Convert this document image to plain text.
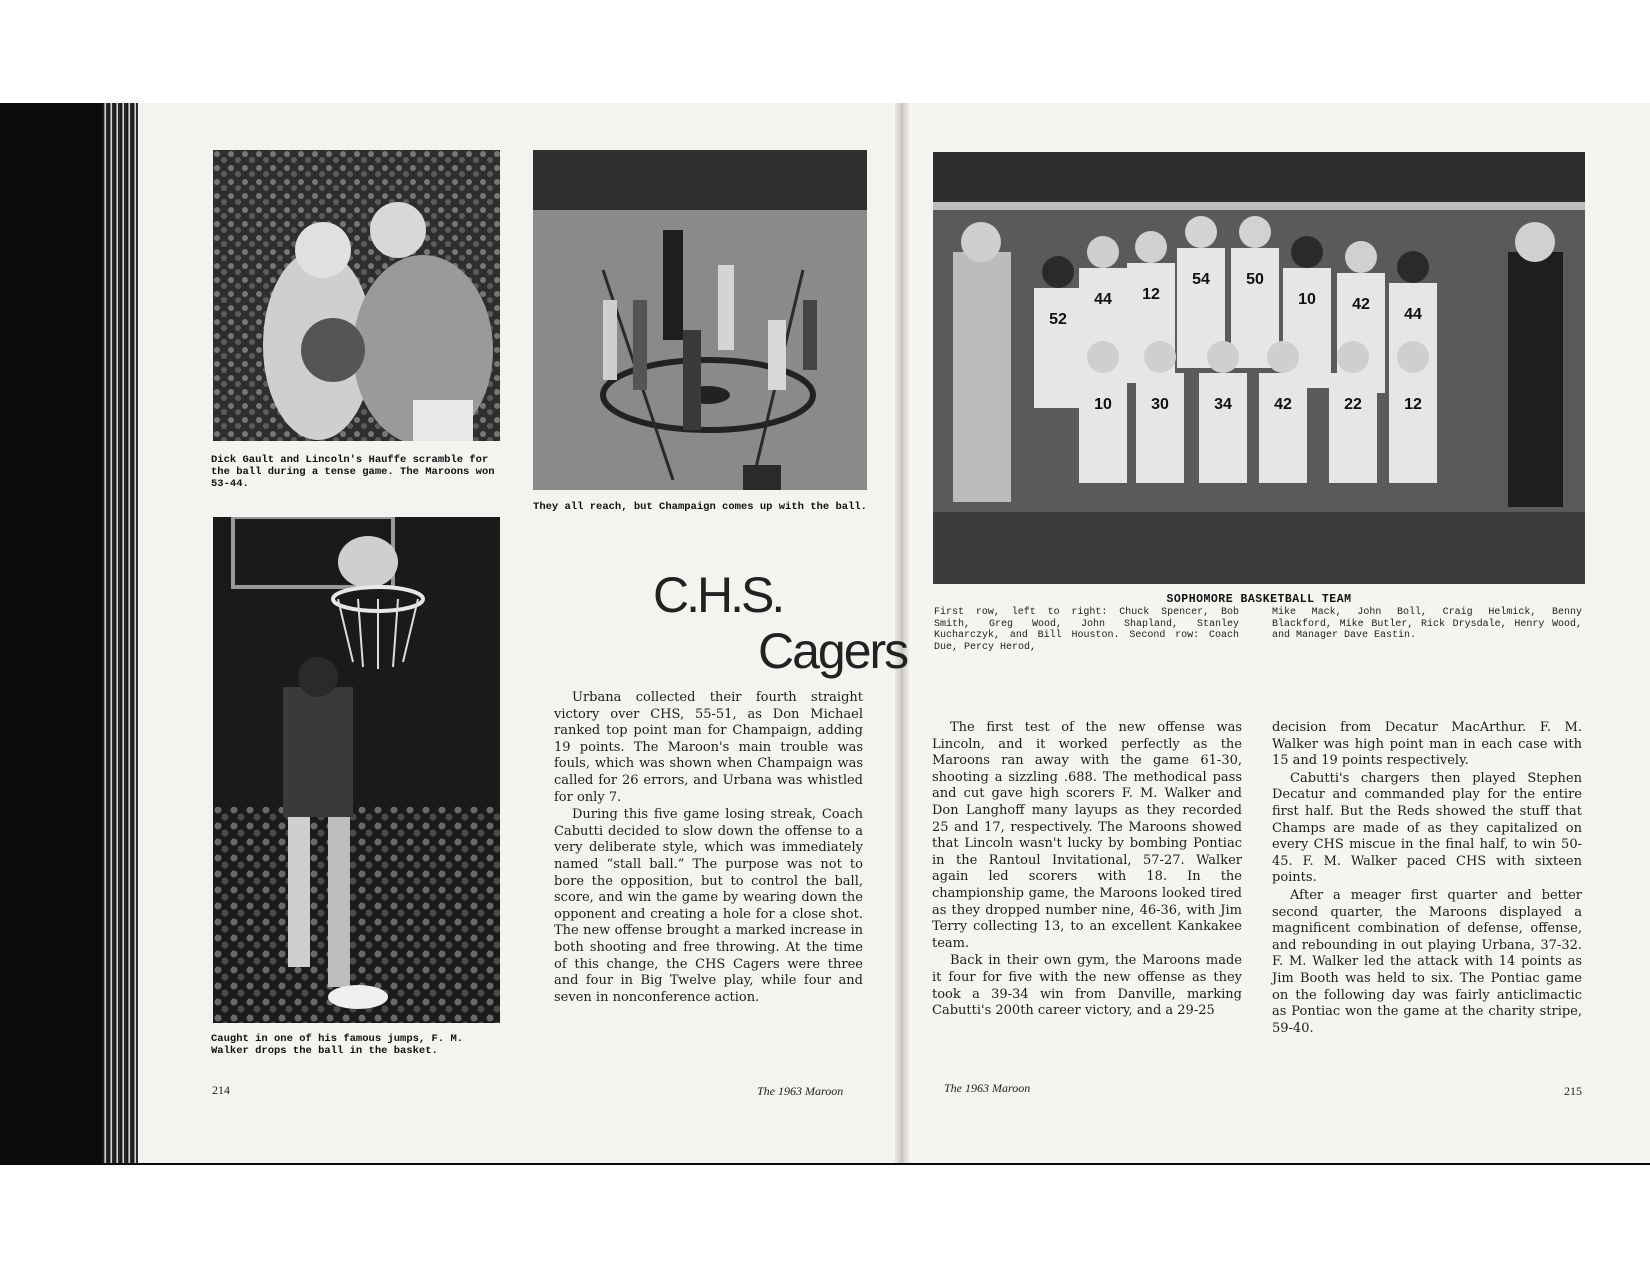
Dick Gault and Lincoln's Hauffe scramble for the ball during a tense game. The Maroons won 53-44.
They all reach, but Champaign comes up with the ball.
Caught in one of his famous jumps, F. M. Walker drops the ball in the basket.
C.H.S.
Cagers

Urbana collected their fourth straight victory over CHS, 55-51, as Don Michael ranked top point man for Champaign, adding 19 points. The Maroon's main trouble was fouls, which was shown when Champaign was called for 26 errors, and Urbana was whistled for only 7.

During this five game losing streak, Coach Cabutti decided to slow down the offense to a very deliberate style, which was immediately named “stall ball.” The purpose was not to bore the opposition, but to control the ball, score, and win the game by wearing down the opponent and creating a hole for a close shot. The new offense brought a marked increase in both shooting and free throwing. At the time of this change, the CHS Cagers were three and four in Big Twelve play, while four and seven in nonconference action.

214	The 1963 Maroon
52
44 12
54 50
10 42
44
10 30	34	42	22	12
SOPHOMORE BASKETBALL TEAM
First row, left to right: Chuck Spencer, Bob Smith, Greg Wood, John Shapland, Stanley Kucharczyk, and Bill Houston. Second row: Coach Due, Percy Herod,
Mike Mack, John Boll, Craig Helmick, Benny Blackford, Mike Butler, Rick Drysdale, Henry Wood, and Manager Dave Eastin.

The first test of the new offense was Lincoln, and it worked perfectly as the Maroons ran away with the game 61-30, shooting a sizzling .688. The methodical pass and cut gave high scorers F. M. Walker and Don Langhoff many layups as they recorded 25 and 17, respectively. The Maroons showed that Lincoln wasn't lucky by bombing Pontiac in the Rantoul Invitational, 57-27. Walker again led scorers with 18. In the championship game, the Maroons looked tired as they dropped number nine, 46-36, with Jim Terry collecting 13, to an excellent Kankakee team.

Back in their own gym, the Maroons made it four for five with the new offense as they took a 39-34 win from Danville, marking Cabutti's 200th career victory, and a 29-25

decision from Decatur MacArthur. F. M. Walker was high point man in each case with 15 and 19 points respectively.

Cabutti's chargers then played Stephen Decatur and commanded play for the entire first half. But the Reds showed the stuff that Champs are made of as they capitalized on every CHS miscue in the final half, to win 50-45. F. M. Walker paced CHS with sixteen points.

After a meager first quarter and better second quarter, the Maroons displayed a magnificent combination of defense, offense, and rebounding in out playing Urbana, 37-32. F. M. Walker led the attack with 14 points as Jim Booth was held to six. The Pontiac game on the following day was fairly anticlimactic as Pontiac won the game at the charity stripe, 59-40.

The 1963 Maroon	215
